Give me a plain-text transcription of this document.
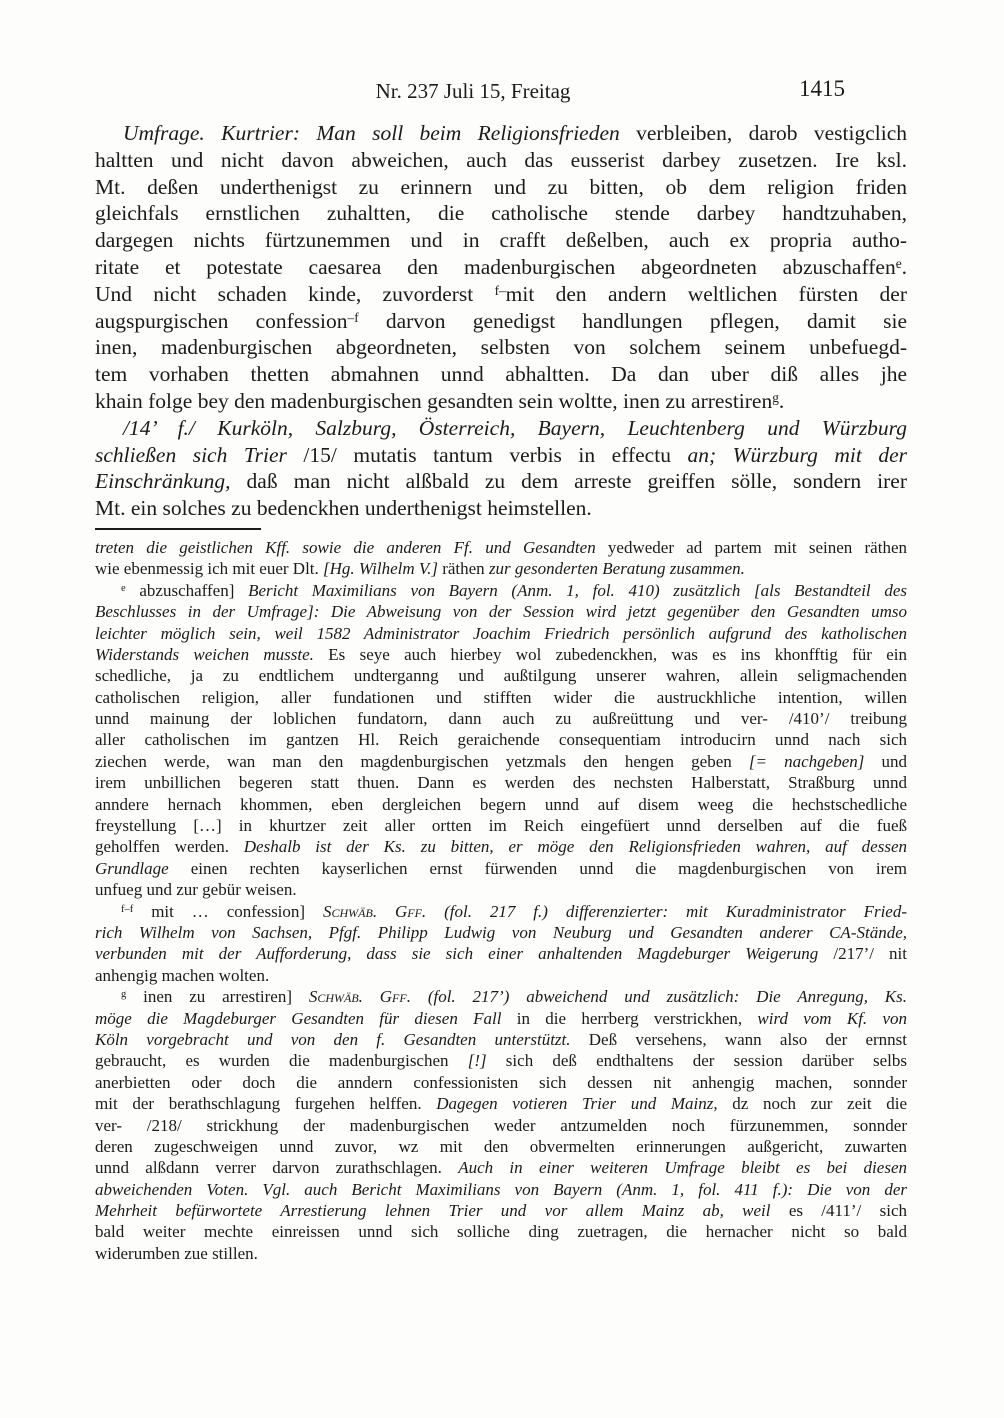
Nr. 237 Juli 15, Freitag	1415
Umfrage. Kurtrier: Man soll beim Religionsfrieden verbleiben, darob vestigclich
haltten und nicht davon abweichen, auch das eusserist darbey zusetzen. Ire ksl.
Mt. deßen underthenigst zu erinnern und zu bitten, ob dem religion friden
gleichfals ernstlichen zuhaltten, die catholische stende darbey handtzuhaben,
dargegen nichts fürtzunemmen und in crafft deßelben, auch ex propria autho-
ritate et potestate caesarea den madenburgischen abgeordneten abzuschaffen$^e$.
Und nicht schaden kinde, zuvorderst $^{f-}$mit den andern weltlichen fürsten der
augspurgischen confession$^{-f}$ darvon genedigst handlungen pflegen, damit sie
inen, madenburgischen abgeordneten, selbsten von solchem seinem unbefuegd-
tem vorhaben thetten abmahnen unnd abhaltten. Da dan uber diß alles jhe
khain folge bey den madenburgischen gesandten sein woltte, inen zu arrestiren$^g$.
/14’ f./ Kurköln, Salzburg, Österreich, Bayern, Leuchtenberg und Würzburg
schließen sich Trier /15/ mutatis tantum verbis in effectu an; Würzburg mit der
Einschränkung, daß man nicht alßbald zu dem arreste greiffen sölle, sondern irer
Mt. ein solches zu bedenckhen underthenigst heimstellen.
treten die geistlichen Kff. sowie die anderen Ff. und Gesandten yedweder ad partem mit seinen räthen
wie ebenmessig ich mit euer Dlt. [Hg. Wilhelm V.] räthen zur gesonderten Beratung zusammen.
$^e$ abzuschaffen] Bericht Maximilians von Bayern (Anm. 1, fol. 410) zusätzlich [als Bestandteil des
Beschlusses in der Umfrage]: Die Abweisung von der Session wird jetzt gegenüber den Gesandten umso
leichter möglich sein, weil 1582 Administrator Joachim Friedrich persönlich aufgrund des katholischen
Widerstands weichen musste. Es seye auch hierbey wol zubedenckhen, was es ins khonfftig für ein
schedliche, ja zu endtlichem undterganng und außtilgung unserer wahren, allein seligmachenden
catholischen religion, aller fundationen und stifften wider die austruckhliche intention, willen
unnd mainung der loblichen fundatorn, dann auch zu außreüttung und ver- /410’/ treibung
aller catholischen im gantzen Hl. Reich geraichende consequentiam introducirn unnd nach sich
ziechen werde, wan man den magdenburgischen yetzmals den hengen geben [= nachgeben] und
irem unbillichen begeren statt thuen. Dann es werden des nechsten Halberstatt, Straßburg unnd
anndere hernach khommen, eben dergleichen begern unnd auf disem weeg die hechstschedliche
freystellung […] in khurtzer zeit aller ortten im Reich eingefüert unnd derselben auf die fueß
geholffen werden. Deshalb ist der Ks. zu bitten, er möge den Religionsfrieden wahren, auf dessen
Grundlage einen rechten kayserlichen ernst fürwenden unnd die magdenburgischen von irem
unfueg und zur gebür weisen.
$^{f-f}$ mit … confession] Schwäb. Gff. (fol. 217 f.) differenzierter: mit Kuradministrator Fried-
rich Wilhelm von Sachsen, Pfgf. Philipp Ludwig von Neuburg und Gesandten anderer CA-Stände,
verbunden mit der Aufforderung, dass sie sich einer anhaltenden Magdeburger Weigerung /217’/ nit
anhengig machen wolten.
$^g$ inen zu arrestiren] Schwäb. Gff. (fol. 217’) abweichend und zusätzlich: Die Anregung, Ks.
möge die Magdeburger Gesandten für diesen Fall in die herrberg verstrickhen, wird vom Kf. von
Köln vorgebracht und von den f. Gesandten unterstützt. Deß versehens, wann also der ernnst
gebraucht, es wurden die madenburgischen [!] sich deß endthaltens der session darüber selbs
anerbietten oder doch die anndern confessionisten sich dessen nit anhengig machen, sonnder
mit der berathschlagung furgehen helffen. Dagegen votieren Trier und Mainz, dz noch zur zeit die
ver- /218/ strickhung der madenburgischen weder antzumelden noch fürzunemmen, sonnder
deren zugeschweigen unnd zuvor, wz mit den obvermelten erinnerungen außgericht, zuwarten
unnd alßdann verrer darvon zurathschlagen. Auch in einer weiteren Umfrage bleibt es bei diesen
abweichenden Voten. Vgl. auch Bericht Maximilians von Bayern (Anm. 1, fol. 411 f.): Die von der
Mehrheit befürwortete Arrestierung lehnen Trier und vor allem Mainz ab, weil es /411’/ sich
bald weiter mechte einreissen unnd sich solliche ding zuetragen, die hernacher nicht so bald
widerumben zue stillen.
